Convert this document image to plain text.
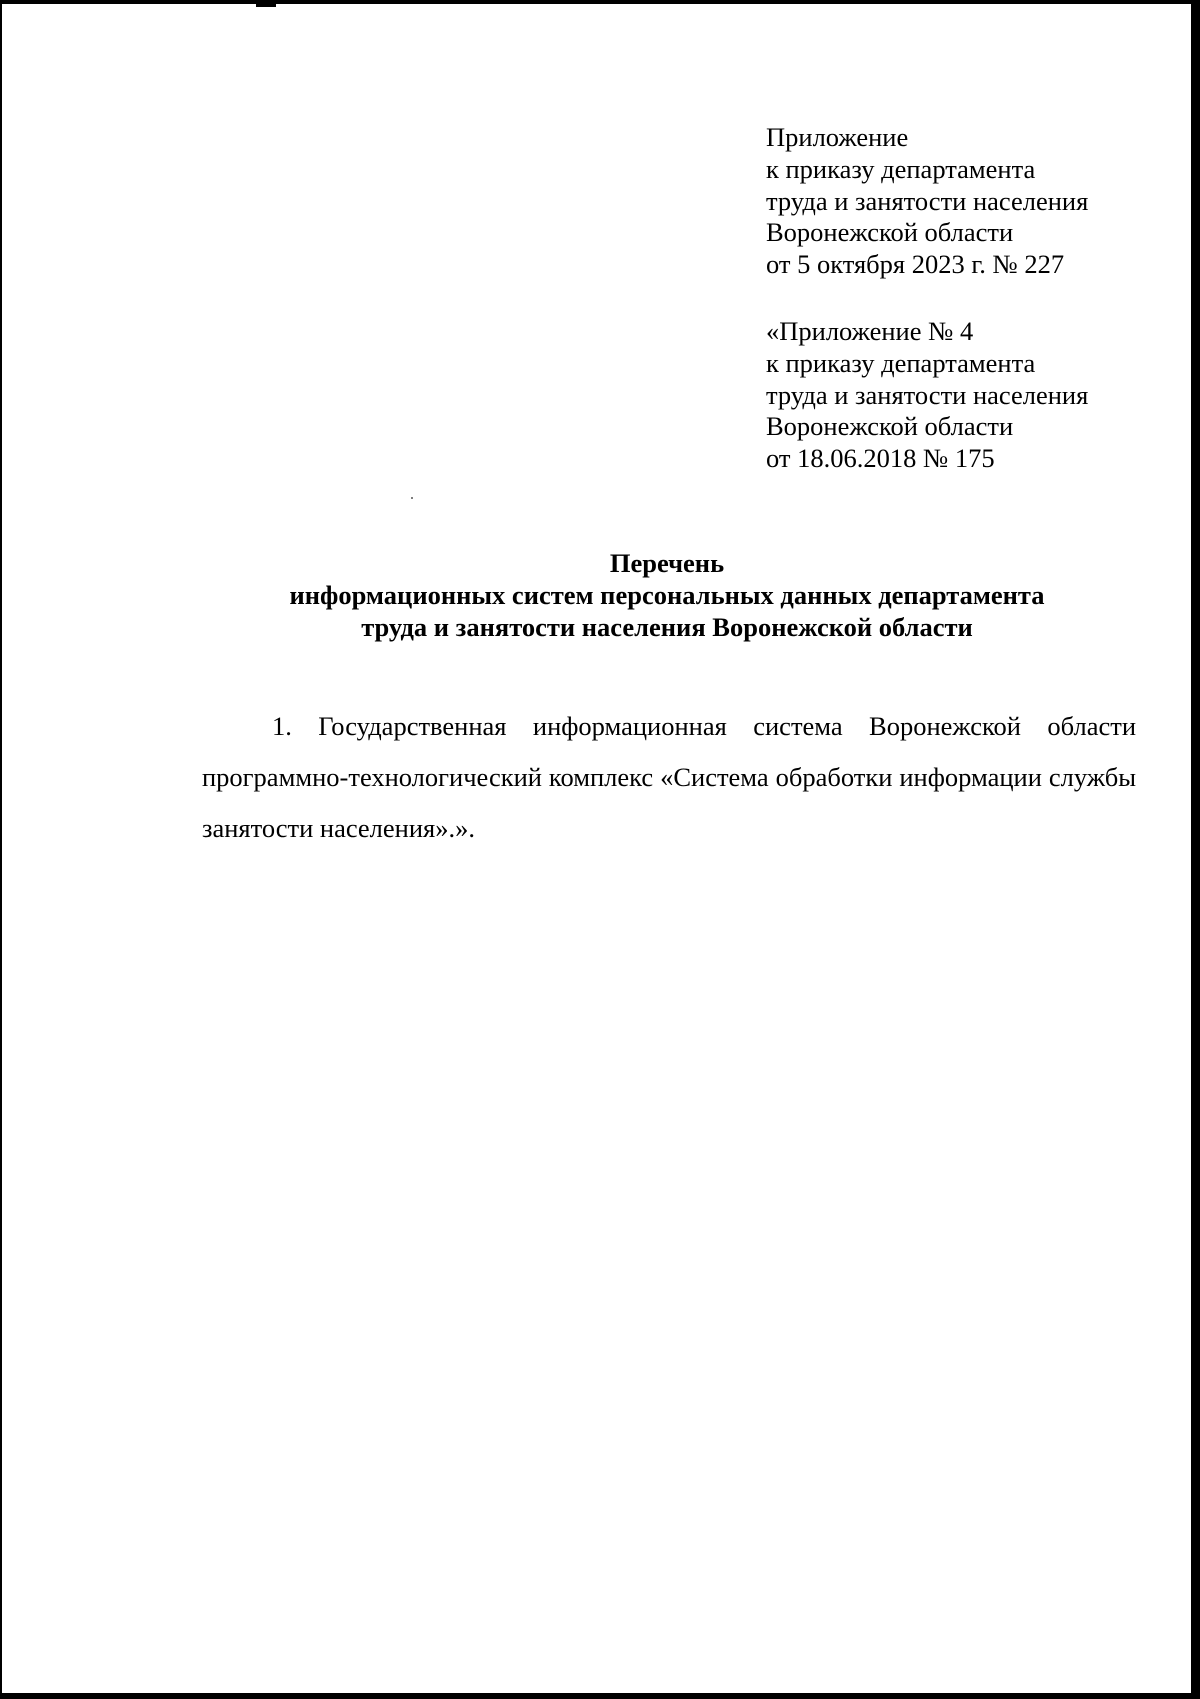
Приложение
к приказу департамента
труда и занятости населения
Воронежской области
от 5 октября 2023 г. № 227
«Приложение № 4
к приказу департамента
труда и занятости населения
Воронежской области
от 18.06.2018 № 175
Перечень
информационных систем персональных данных департамента
труда и занятости населения Воронежской области

1. Государственная информационная система Воронежской области программно-технологический комплекс «Система обработки информации службы занятости населения».».
